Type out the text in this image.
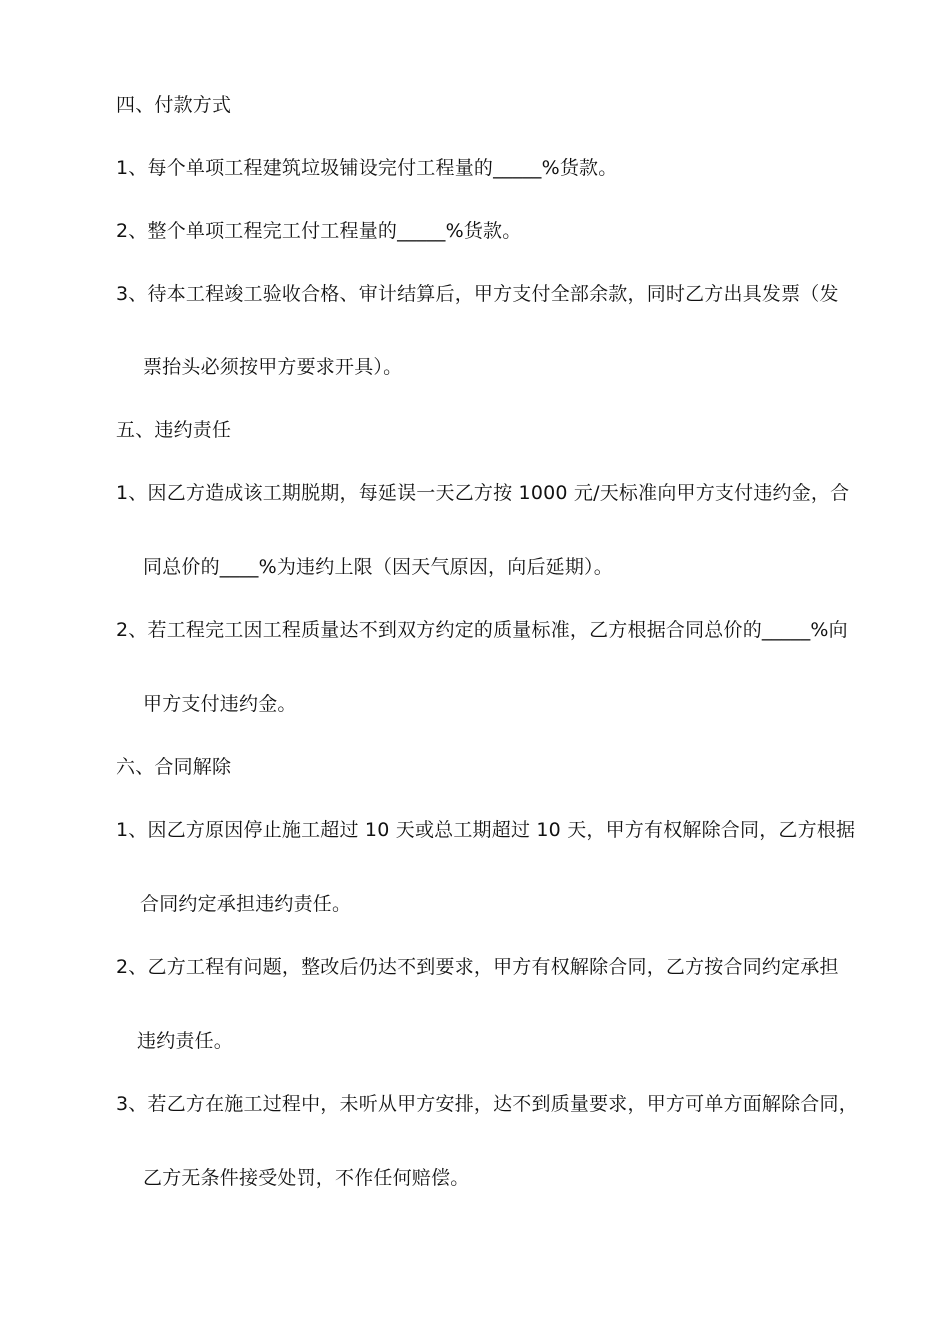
四、付款方式
1、每个单项工程建筑垃圾铺设完付工程量的_____%货款。
2、整个单项工程完工付工程量的_____%货款。
3、待本工程竣工验收合格、审计结算后，甲方支付全部余款，同时乙方出具发票（发
票抬头必须按甲方要求开具）。
五、违约责任
1、因乙方造成该工期脱期，每延误一天乙方按 1000 元/天标准向甲方支付违约金，合
同总价的____%为违约上限（因天气原因，向后延期）。
2、若工程完工因工程质量达不到双方约定的质量标准，乙方根据合同总价的_____%向
甲方支付违约金。
六、合同解除
1、因乙方原因停止施工超过 10 天或总工期超过 10 天，甲方有权解除合同，乙方根据
合同约定承担违约责任。
2、乙方工程有问题，整改后仍达不到要求，甲方有权解除合同，乙方按合同约定承担
违约责任。
3、若乙方在施工过程中，未听从甲方安排，达不到质量要求，甲方可单方面解除合同，
乙方无条件接受处罚，不作任何赔偿。
